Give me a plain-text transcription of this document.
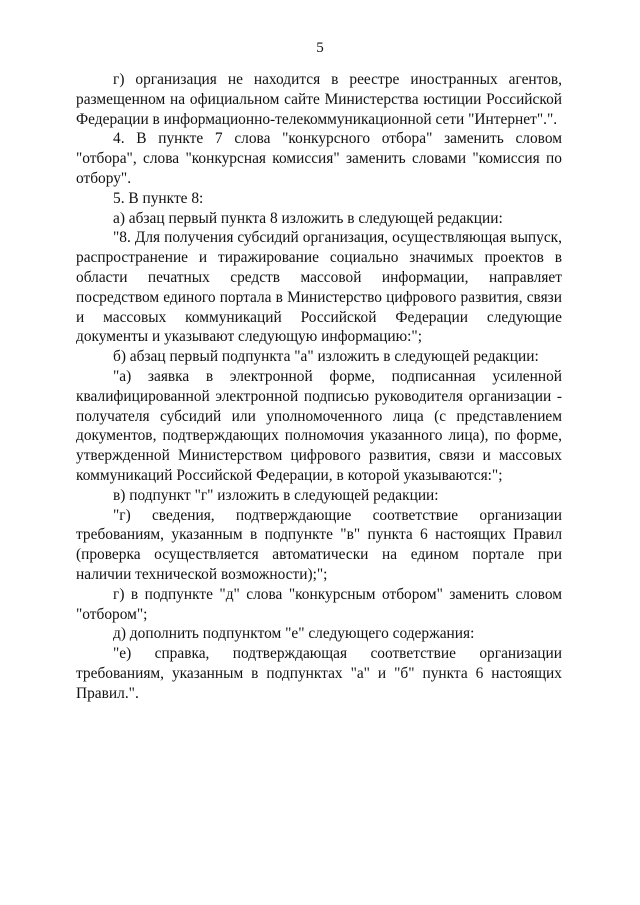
5

г) организация не находится в реестре иностранных агентов, размещенном на официальном сайте Министерства юстиции Российской Федерации в информационно-телекоммуникационной сети "Интернет".".

4. В пункте 7 слова "конкурсного отбора" заменить словом "отбора", слова "конкурсная комиссия" заменить словами "комиссия по отбору".

5. В пункте 8:

а) абзац первый пункта 8 изложить в следующей редакции:

"8. Для получения субсидий организация, осуществляющая выпуск, распространение и тиражирование социально значимых проектов в области печатных средств массовой информации, направляет посредством единого портала в Министерство цифрового развития, связи и массовых коммуникаций Российской Федерации следующие документы и указывают следующую информацию:";

б) абзац первый подпункта "а" изложить в следующей редакции:

"а) заявка в электронной форме, подписанная усиленной квалифицированной электронной подписью руководителя организации - получателя субсидий или уполномоченного лица (с представлением документов, подтверждающих полномочия указанного лица), по форме, утвержденной Министерством цифрового развития, связи и массовых коммуникаций Российской Федерации, в которой указываются:";

в) подпункт "г" изложить в следующей редакции:

"г) сведения, подтверждающие соответствие организации требованиям, указанным в подпункте "в" пункта 6 настоящих Правил (проверка осуществляется автоматически на едином портале при наличии технической возможности);";

г) в подпункте "д" слова "конкурсным отбором" заменить словом "отбором";

д) дополнить подпунктом "е" следующего содержания:

"е) справка, подтверждающая соответствие организации требованиям, указанным в подпунктах "а" и "б" пункта 6 настоящих Правил.".
